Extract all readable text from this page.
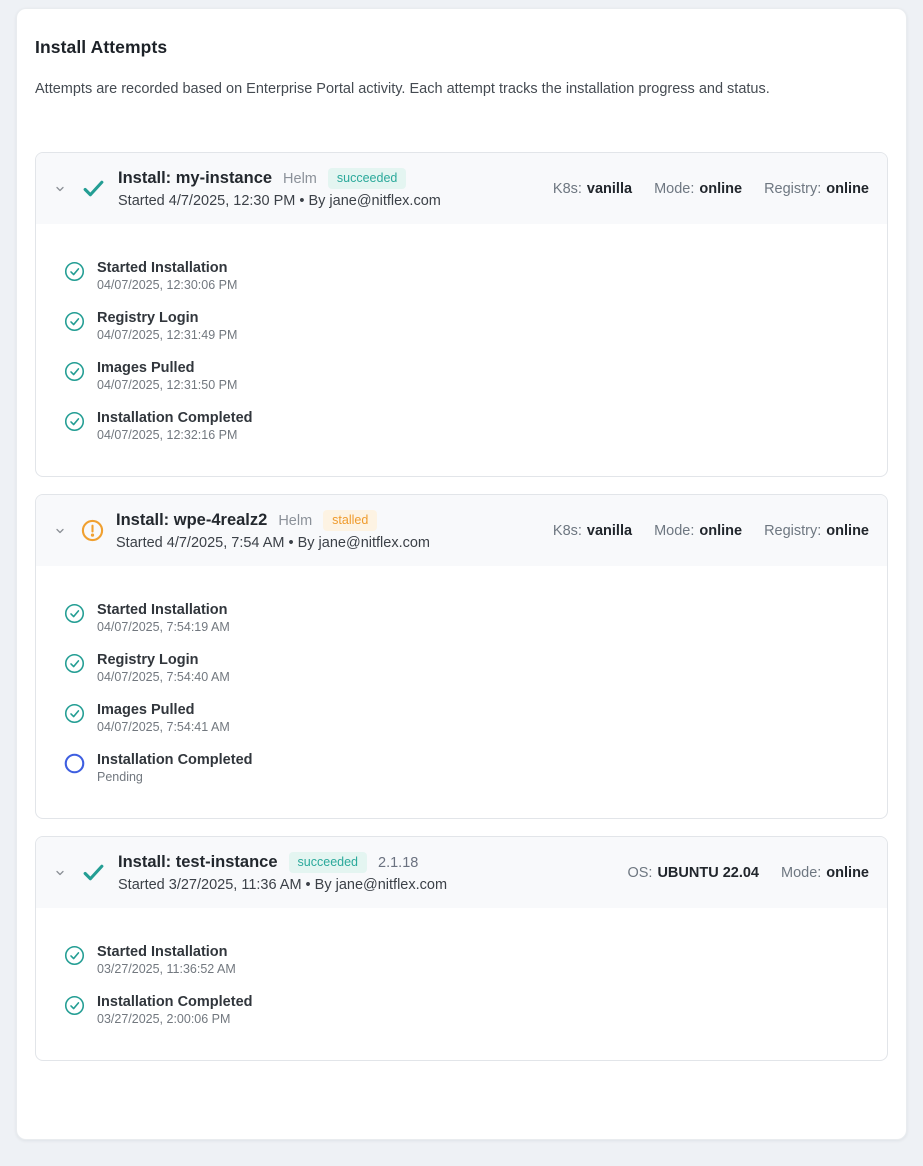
Install Attempts
Attempts are recorded based on Enterprise Portal activity. Each attempt tracks the installation progress and status.
Install: my-instance Helm	succeeded
Started 4/7/2025, 12:30 PM • By jane@nitflex.com
K8s: vanilla Mode: online Registry: online
Started Installation
04/07/2025, 12:30:06 PM
Registry Login
04/07/2025, 12:31:49 PM
Images Pulled
04/07/2025, 12:31:50 PM
Installation Completed
04/07/2025, 12:32:16 PM
Install: wpe-4realz2 Helm	stalled
Started 4/7/2025, 7:54 AM • By jane@nitflex.com
K8s: vanilla Mode: online Registry: online
Started Installation
04/07/2025, 7:54:19 AM
Registry Login
04/07/2025, 7:54:40 AM
Images Pulled
04/07/2025, 7:54:41 AM
Installation Completed
Pending
Install: test-instance	succeeded	2.1.18
Started 3/27/2025, 11:36 AM • By jane@nitflex.com
OS: UBUNTU 22.04 Mode: online
Started Installation
03/27/2025, 11:36:52 AM
Installation Completed
03/27/2025, 2:00:06 PM
